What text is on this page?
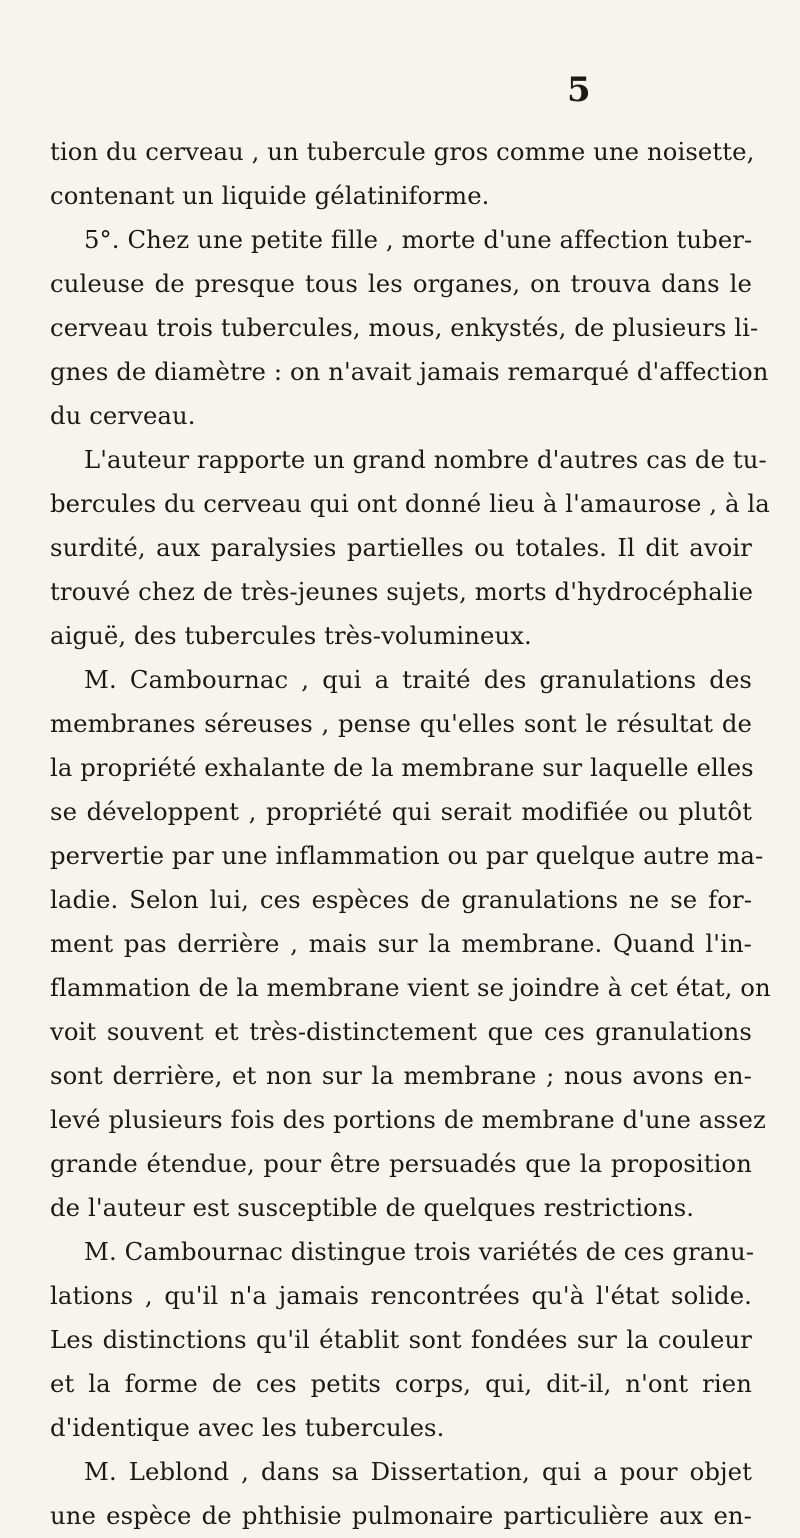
5
tion du cerveau , un tubercule gros comme une noisette,
contenant un liquide gélatiniforme.
5°. Chez une petite fille , morte d'une affection tuber-
culeuse de presque tous les organes, on trouva dans le
cerveau trois tubercules, mous, enkystés, de plusieurs li-
gnes de diamètre : on n'avait jamais remarqué d'affection
du cerveau.
L'auteur rapporte un grand nombre d'autres cas de tu-
bercules du cerveau qui ont donné lieu à l'amaurose , à la
surdité, aux paralysies partielles ou totales. Il dit avoir
trouvé chez de très-jeunes sujets, morts d'hydrocéphalie
aiguë, des tubercules très-volumineux.
M. Cambournac , qui a traité des granulations des
membranes séreuses , pense qu'elles sont le résultat de
la propriété exhalante de la membrane sur laquelle elles
se développent , propriété qui serait modifiée ou plutôt
pervertie par une inflammation ou par quelque autre ma-
ladie. Selon lui, ces espèces de granulations ne se for-
ment pas derrière , mais sur la membrane. Quand l'in-
flammation de la membrane vient se joindre à cet état, on
voit souvent et très-distinctement que ces granulations
sont derrière, et non sur la membrane ; nous avons en-
levé plusieurs fois des portions de membrane d'une assez
grande étendue, pour être persuadés que la proposition
de l'auteur est susceptible de quelques restrictions.
M. Cambournac distingue trois variétés de ces granu-
lations , qu'il n'a jamais rencontrées qu'à l'état solide.
Les distinctions qu'il établit sont fondées sur la couleur
et la forme de ces petits corps, qui, dit-il, n'ont rien
d'identique avec les tubercules.
M. Leblond , dans sa Dissertation, qui a pour objet
une espèce de phthisie pulmonaire particulière aux en-
